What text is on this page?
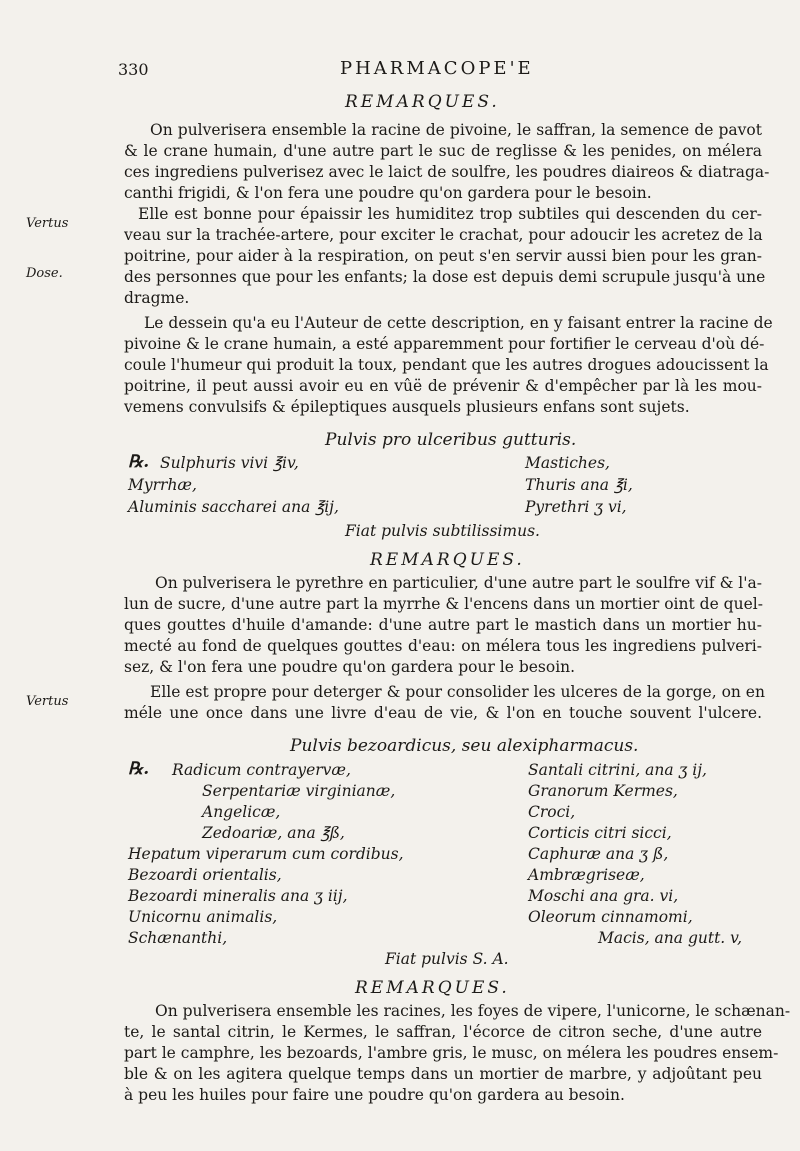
330	PHARMACOPE'E
REMARQUES.
On pulverisera ensemble la racine de pivoine, le saffran, la semence de pavot
& le crane humain, d'une autre part le suc de reglisse & les penides, on mélera
ces ingrediens pulverisez avec le laict de soulfre, les poudres diaireos & diatraga-
canthi frigidi, & l'on fera une poudre qu'on gardera pour le besoin.
Elle est bonne pour épaissir les humiditez trop subtiles qui descenden du cer-
veau sur la trachée-artere, pour exciter le crachat, pour adoucir les acretez de la
poitrine, pour aider à la respiration, on peut s'en servir aussi bien pour les gran-
des personnes que pour les enfants; la dose est depuis demi scrupule jusqu'à une
dragme.
Le dessein qu'a eu l'Auteur de cette description, en y faisant entrer la racine de
pivoine & le crane humain, a esté apparemment pour fortifier le cerveau d'où dé-
coule l'humeur qui produit la toux, pendant que les autres drogues adoucissent la
poitrine, il peut aussi avoir eu en vûë de prévenir & d'empêcher par là les mou-
vemens convulsifs & épileptiques ausquels plusieurs enfans sont sujets.
Vertus
Dose.
Pulvis pro ulceribus gutturis.
℞. Sulphuris vivi ℥iv,
Myrrhæ,
Aluminis saccharei ana ℥ij,
Mastiches,
Thuris ana ℥i,
Pyrethri ʒ vi,
Fiat pulvis subtilissimus.
REMARQUES.
On pulverisera le pyrethre en particulier, d'une autre part le soulfre vif & l'a-
lun de sucre, d'une autre part la myrrhe & l'encens dans un mortier oint de quel-
ques gouttes d'huile d'amande: d'une autre part le mastich dans un mortier hu-
mecté au fond de quelques gouttes d'eau: on mélera tous les ingrediens pulveri-
sez, & l'on fera une poudre qu'on gardera pour le besoin.
Elle est propre pour deterger & pour consolider les ulceres de la gorge, on en
méle une once dans une livre d'eau de vie, & l'on en touche souvent l'ulcere.
Vertus
Pulvis bezoardicus, seu alexipharmacus.
℞. Radicum contrayervæ,
Serpentariæ virginianæ,
Angelicæ,
Zedoariæ, ana ℥ß,
Hepatum viperarum cum cordibus,
Bezoardi orientalis,
Bezoardi mineralis ana ʒ iij,
Unicornu animalis,
Schænanthi,
Santali citrini, ana ʒ ij,
Granorum Kermes,
Croci,
Corticis citri sicci,
Caphuræ ana ʒ ß,
Ambrægriseæ,
Moschi ana gra. vi,
Oleorum cinnamomi,
Macis, ana gutt. v,
Fiat pulvis S. A.
REMARQUES.
On pulverisera ensemble les racines, les foyes de vipere, l'unicorne, le schænan-
te, le santal citrin, le Kermes, le saffran, l'écorce de citron seche, d'une autre
part le camphre, les bezoards, l'ambre gris, le musc, on mélera les poudres ensem-
ble & on les agitera quelque temps dans un mortier de marbre, y adjoûtant peu
à peu les huiles pour faire une poudre qu'on gardera au besoin.
